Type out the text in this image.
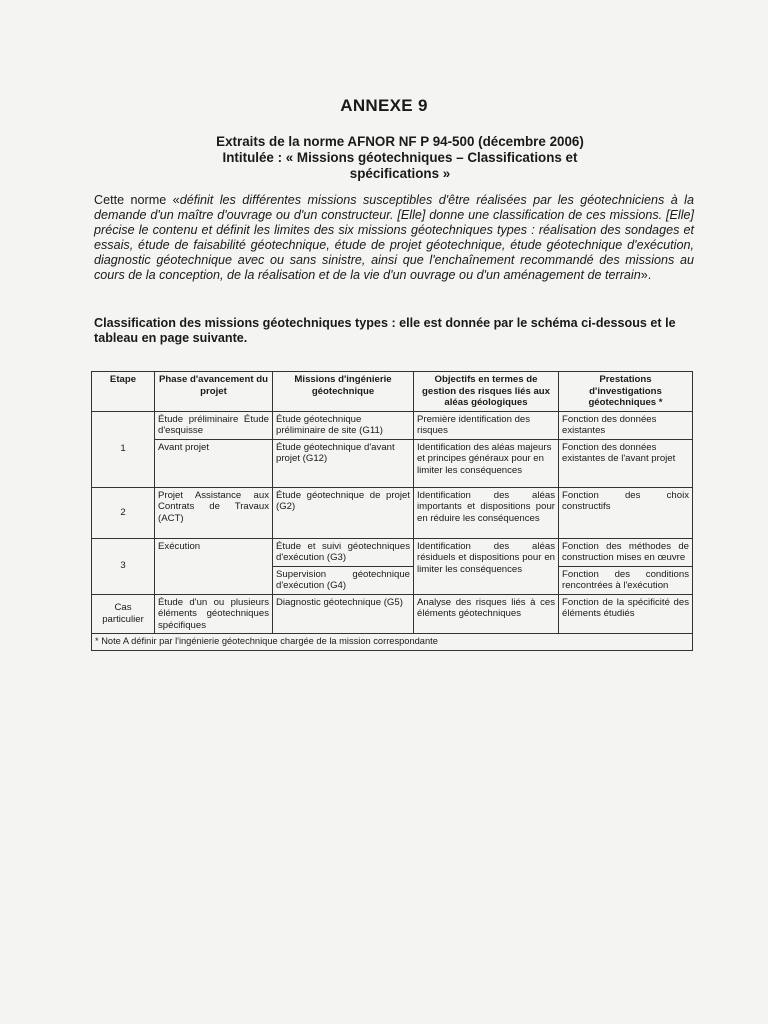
ANNEXE 9
Extraits de la norme AFNOR NF P 94-500 (décembre 2006)
Intitulée : « Missions géotechniques – Classifications et
spécifications »
Cette norme «définit les différentes missions susceptibles d'être réalisées par les géotechniciens à la demande d'un maître d'ouvrage ou d'un constructeur. [Elle] donne une classification de ces missions. [Elle] précise le contenu et définit les limites des six missions géotechniques types : réalisation des sondages et essais, étude de faisabilité géotechnique, étude de projet géotechnique, étude géotechnique d'exécution, diagnostic géotechnique avec ou sans sinistre, ainsi que l'enchaînement recommandé des missions au cours de la conception, de la réalisation et de la vie d'un ouvrage ou d'un aménagement de terrain».
Classification des missions géotechniques types : elle est donnée par le schéma ci-dessous et le tableau en page suivante.
Etape	Phase d'avancement du projet	Missions d'ingénierie géotechnique	Objectifs en termes de gestion des risques liés aux aléas géologiques	Prestations d'investigations géotechniques *
1	Étude préliminaire Étude d'esquisse	Étude géotechnique préliminaire de site (G11)	Première identification des risques	Fonction des données existantes
	Avant projet	Étude géotechnique d'avant projet (G12)	Identification des aléas majeurs et principes généraux pour en limiter les conséquences	Fonction des données existantes de l'avant projet
2	Projet Assistance aux Contrats de Travaux (ACT)	Étude géotechnique de projet (G2)	Identification des aléas importants et dispositions pour en réduire les conséquences	Fonction des choix constructifs
3	Exécution	Étude et suivi géotechniques d'exécution (G3)	Identification des aléas résiduels et dispositions pour en limiter les conséquences	Fonction des méthodes de construction mises en œuvre
		Supervision géotechnique d'exécution (G4)		Fonction des conditions rencontrées à l'exécution
Cas particulier	Étude d'un ou plusieurs éléments géotechniques spécifiques	Diagnostic géotechnique (G5)	Analyse des risques liés à ces éléments géotechniques	Fonction de la spécificité des éléments étudiés
* Note A définir par l'ingénierie géotechnique chargée de la mission correspondante				
